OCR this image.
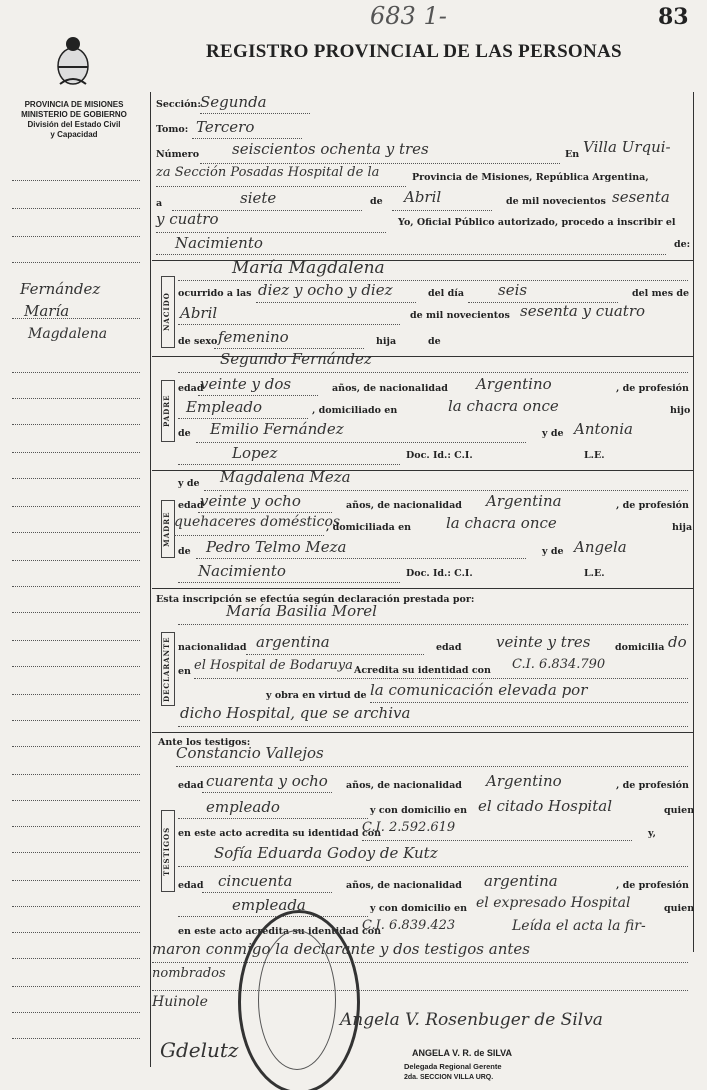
683 1-	83
REGISTRO PROVINCIAL DE LAS PERSONAS
PROVINCIA DE MISIONES
MINISTERIO DE GOBIERNO
División del Estado Civil
y Capacidad
Fernández
María
Magdalena
Sección: Segunda
Tomo: Tercero
Número seiscientos ochenta y tres	En Villa Urqui-
za Sección Posadas Hospital de la	Provincia de Misiones, República Argentina,
a	siete	de Abril	de mil novecientos sesenta
y cuatro	Yo, Oficial Público autorizado, procedo a inscribir el
Nacimiento	de:
NACIDO
María Magdalena
ocurrido a las diez y ocho y diez	del día seis	del mes de
Abril	de mil novecientos sesenta y cuatro
de sexo femenino	hija	de
PADRE
Segundo Fernández
edad
veinte y dos	años, de nacionalidad Argentino	, de profesión
Empleado	, domiciliado en	la chacra once	hijo
de Emilio Fernández	y de Antonia
Lopez	Doc. Id.: C.I.	L.E.
MADRE
y de Magdalena Meza
edad
veinte y ocho	años, de nacionalidad Argentina	, de profesión
quehaceres domésticos
, domiciliada en la chacra once	hija
de Pedro Telmo Meza	y de Angela
Nacimiento	Doc. Id.: C.I.	L.E.
Esta inscripción se efectúa según declaración prestada por:
María Basilia Morel
DECLARANTE nacionalidad argentina	edad veinte y tres	domicilia do
en el Hospital de Bodaruya Acredita su identidad con C.I. 6.834.790
y obra en virtud de la comunicación elevada por
dicho Hospital, que se archiva
Ante los testigos:
Constancio Vallejos
TESTIGOS
edad cuarenta y ocho años, de nacionalidad Argentino	, de profesión
empleado	y con domicilio en el citado Hospital	quien
en este acto acredita su identidad con
C.I. 2.592.619	y,
Sofía Eduarda Godoy de Kutz
edad cincuenta	años, de nacionalidad argentina	, de profesión
empleada	y con domicilio en el expresado Hospital	quien
en este acto acredita su identidad con
C.I. 6.839.423	Leída el acta la fir-
maron conmigo la declarante y dos testigos antes
nombrados
Huinole
Angela V. Rosenbuger de Silva
Gdelutz	ANGELA V. R. de SILVA
Delegada Regional Gerente
2da. SECCION VILLA URQ.
